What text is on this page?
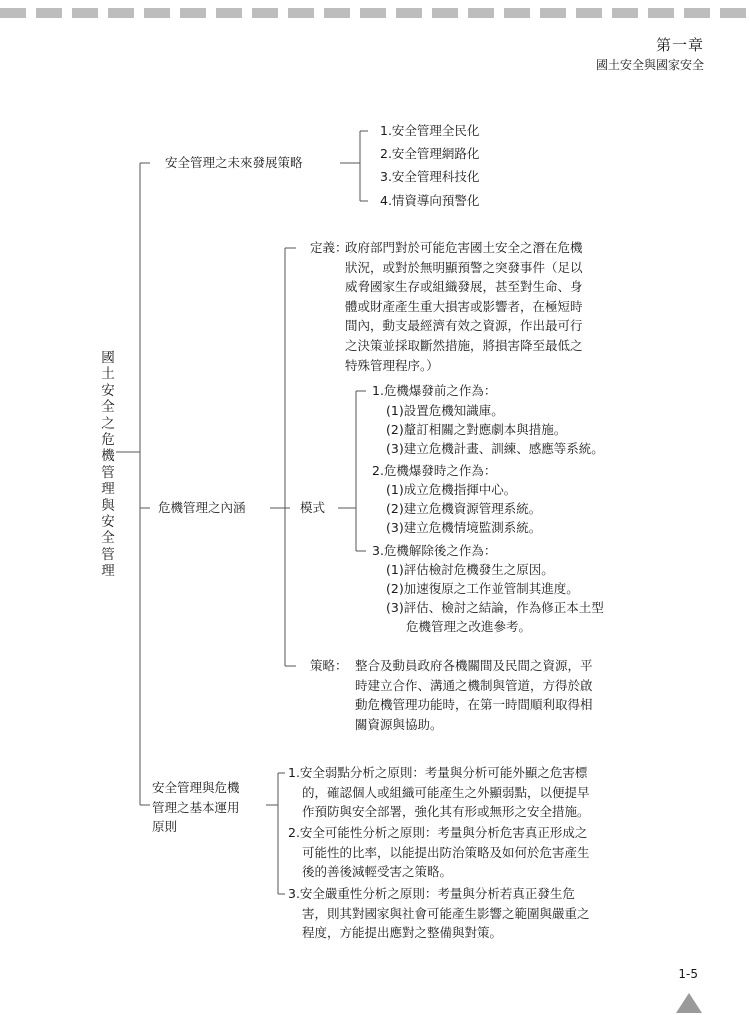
第一章
國土安全與國家安全
國
土
安
全
之
危
機
管
理
與
安
全
管
理
安全管理之未來發展策略
1.安全管理全民化
2.安全管理網路化
3.安全管理科技化
4.情資導向預警化
危機管理之內涵
定義：
政府部門對於可能危害國土安全之潛在危機
狀況，或對於無明顯預警之突發事件（足以
威脅國家生存或組織發展，甚至對生命、身
體或財產產生重大損害或影響者，在極短時
間內，動支最經濟有效之資源，作出最可行
之決策並採取斷然措施，將損害降至最低之
特殊管理程序。）
模式
1.危機爆發前之作為：
(1)設置危機知識庫。
(2)釐訂相關之對應劇本與措施。
(3)建立危機計畫、訓練、感應等系統。
2.危機爆發時之作為：
(1)成立危機指揮中心。
(2)建立危機資源管理系統。
(3)建立危機情境監測系統。
3.危機解除後之作為：
(1)評估檢討危機發生之原因。
(2)加速復原之工作並管制其進度。
(3)評估、檢討之結論，作為修正本土型
危機管理之改進參考。
策略： 整合及動員政府各機關間及民間之資源，平
時建立合作、溝通之機制與管道，方得於啟
動危機管理功能時，在第一時間順利取得相
關資源與協助。
安全管理與危機
管理之基本運用
原則
1.安全弱點分析之原則：考量與分析可能外顯之危害標
的，確認個人或組織可能產生之外顯弱點，以便提早
作預防與安全部署，強化其有形或無形之安全措施。
2.安全可能性分析之原則：考量與分析危害真正形成之
可能性的比率，以能提出防治策略及如何於危害產生
後的善後減輕受害之策略。
3.安全嚴重性分析之原則：考量與分析若真正發生危
害，則其對國家與社會可能產生影響之範圍與嚴重之
程度，方能提出應對之整備與對策。
1-5
